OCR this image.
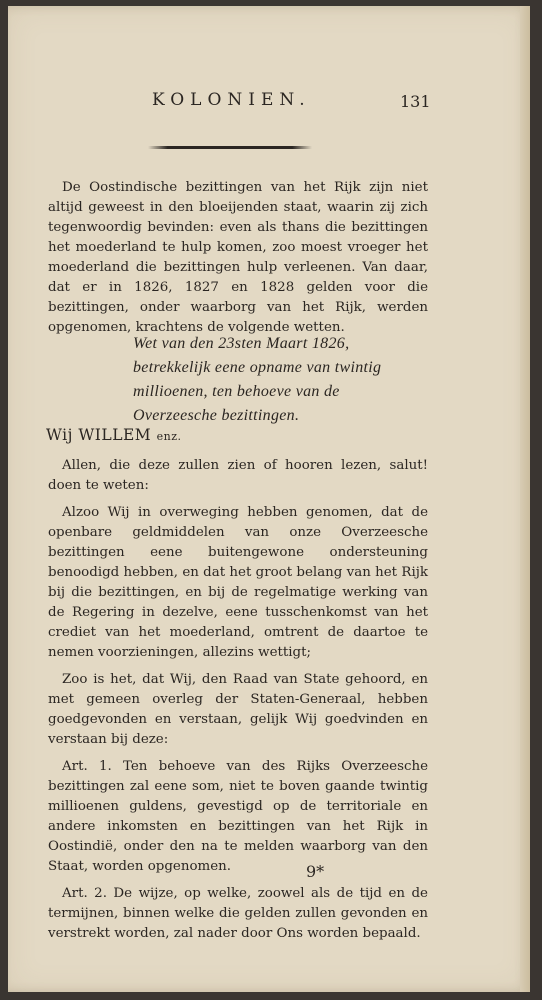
KOLONIEN.	131

De Oostindische bezittingen van het Rijk zijn niet altijd geweest in den bloeijenden staat, waarin zij zich tegenwoordig bevinden: even als thans die bezittingen het moederland te hulp komen, zoo moest vroeger het moederland die bezittingen hulp verleenen. Van daar, dat er in 1826, 1827 en 1828 gelden voor die bezittingen, onder waarborg van het Rijk, werden opgenomen, krachtens de volgende wetten.

Wet van den 23sten Maart 1826, betrekkelijk eene opname van twintig millioenen, ten behoeve van de Overzeesche bezittingen.
Wij WILLEM enz.

Allen, die deze zullen zien of hooren lezen, salut! doen te weten:

Alzoo Wij in overweging hebben genomen, dat de openbare geldmiddelen van onze Overzeesche bezittingen eene buitengewone ondersteuning benoodigd hebben, en dat het groot belang van het Rijk bij die bezittingen, en bij de regelmatige werking van de Regering in dezelve, eene tusschenkomst van het crediet van het moederland, omtrent de daartoe te nemen voorzieningen, allezins wettigt;

Zoo is het, dat Wij, den Raad van State gehoord, en met gemeen overleg der Staten-Generaal, hebben goedgevonden en verstaan, gelijk Wij goedvinden en verstaan bij deze:

Art. 1. Ten behoeve van des Rijks Overzeesche bezittingen zal eene som, niet te boven gaande twintig millioenen guldens, gevestigd op de territoriale en andere inkomsten en bezittingen van het Rijk in Oostindië, onder den na te melden waarborg van den Staat, worden opgenomen.

Art. 2. De wijze, op welke, zoowel als de tijd en de termijnen, binnen welke die gelden zullen gevonden en verstrekt worden, zal nader door Ons worden bepaald.

9*
